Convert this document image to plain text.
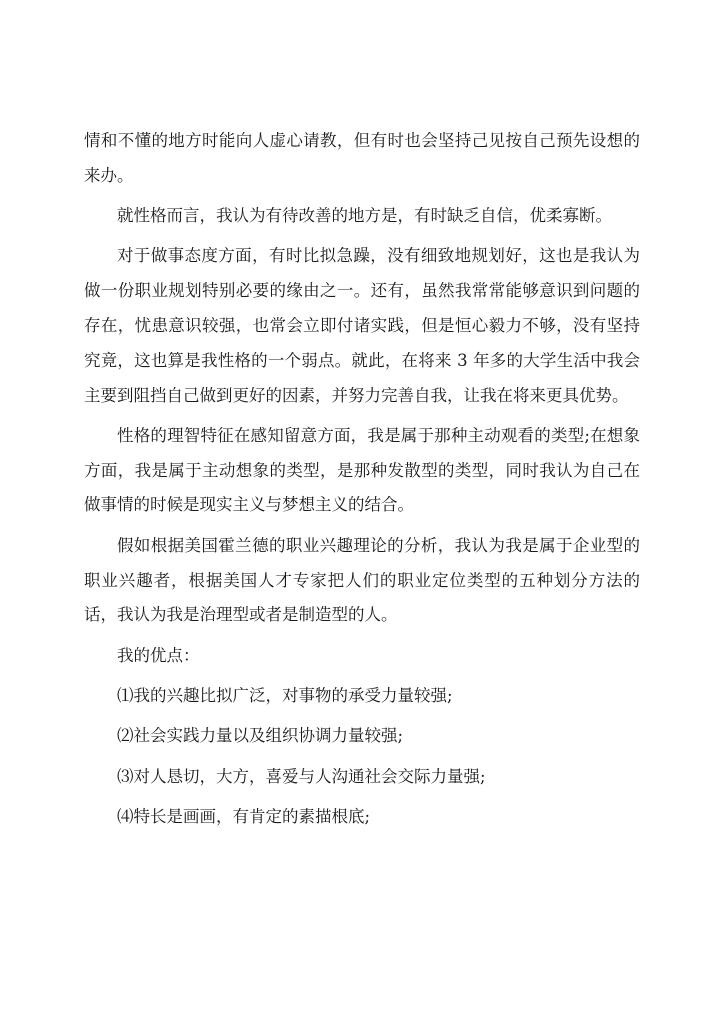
情和不懂的地方时能向人虚心请教，但有时也会坚持己见按自己预先设想的来办。

就性格而言，我认为有待改善的地方是，有时缺乏自信，优柔寡断。

对于做事态度方面，有时比拟急躁，没有细致地规划好，这也是我认为做一份职业规划特别必要的缘由之一。还有，虽然我常常能够意识到问题的存在，忧患意识较强，也常会立即付诸实践，但是恒心毅力不够，没有坚持究竟，这也算是我性格的一个弱点。就此，在将来 3 年多的大学生活中我会主要到阻挡自己做到更好的因素，并努力完善自我，让我在将来更具优势。

性格的理智特征在感知留意方面，我是属于那种主动观看的类型;在想象方面，我是属于主动想象的类型，是那种发散型的类型，同时我认为自己在做事情的时候是现实主义与梦想主义的结合。

假如根据美国霍兰德的职业兴趣理论的分析，我认为我是属于企业型的职业兴趣者，根据美国人才专家把人们的职业定位类型的五种划分方法的话，我认为我是治理型或者是制造型的人。

我的优点：

⑴我的兴趣比拟广泛，对事物的承受力量较强;

⑵社会实践力量以及组织协调力量较强;

⑶对人恳切，大方，喜爱与人沟通社会交际力量强;

⑷特长是画画，有肯定的素描根底;
